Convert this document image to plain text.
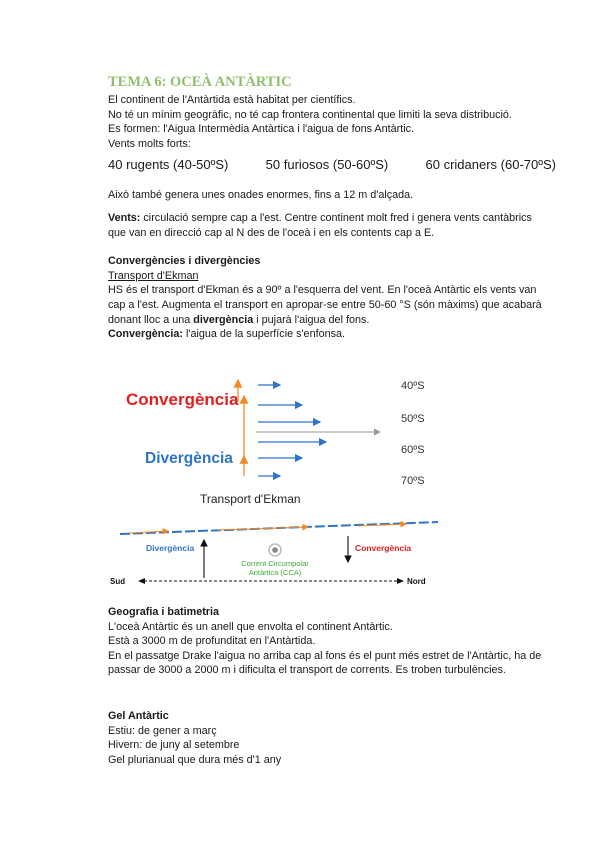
TEMA 6: OCEÀ ANTÀRTIC

El continent de l'Antàrtida està habitat per científics.

No té un mínim geogràfic, no té cap frontera continental que limiti la seva distribució.

Es formen: l'Aigua Intermèdia Antàrtica i l'aigua de fons Antàrtic.

Vents molts forts:

40 rugents (40-50ºS)	50 furiosos (50-60ºS)	60 cridaners (60-70ºS)

Això també genera unes onades enormes, fins a 12 m d'alçada.

Vents: circulació sempre cap a l'est. Centre continent molt fred i genera vents cantàbrics que van en direcció cap al N des de l'oceà i en els contents cap a E.

Convergències i divergències

Transport d'Ekman

HS és el transport d'Ekman és a 90º a l'esquerra del vent. En l'oceà Antàrtic els vents van cap a l'est. Augmenta el transport en apropar-se entre 50-60 °S (són màxims) que acabarà donant lloc a una divergència i pujarà l'aigua del fons.

Convergència: l'aigua de la superfície s'enfonsa.

Convergència
Divergència
40ºS
50ºS
60ºS
70ºS
Transport d'Ekman
Divergència	Convergència
Corrent Circumpolar
Antàrtica (CCA)
Sud	Nord

Geografia i batimetria

L'oceà Antàrtic és un anell que envolta el continent Antàrtic.

Està a 3000 m de profunditat en l'Antàrtida.

En el passatge Drake l'aigua no arriba cap al fons és el punt més estret de l'Antàrtic, ha de passar de 3000 a 2000 m i dificulta el transport de corrents. Es troben turbulències.

Gel Antàrtic

Estiu: de gener a març

Hivern: de juny al setembre

Gel plurianual que dura més d'1 any
